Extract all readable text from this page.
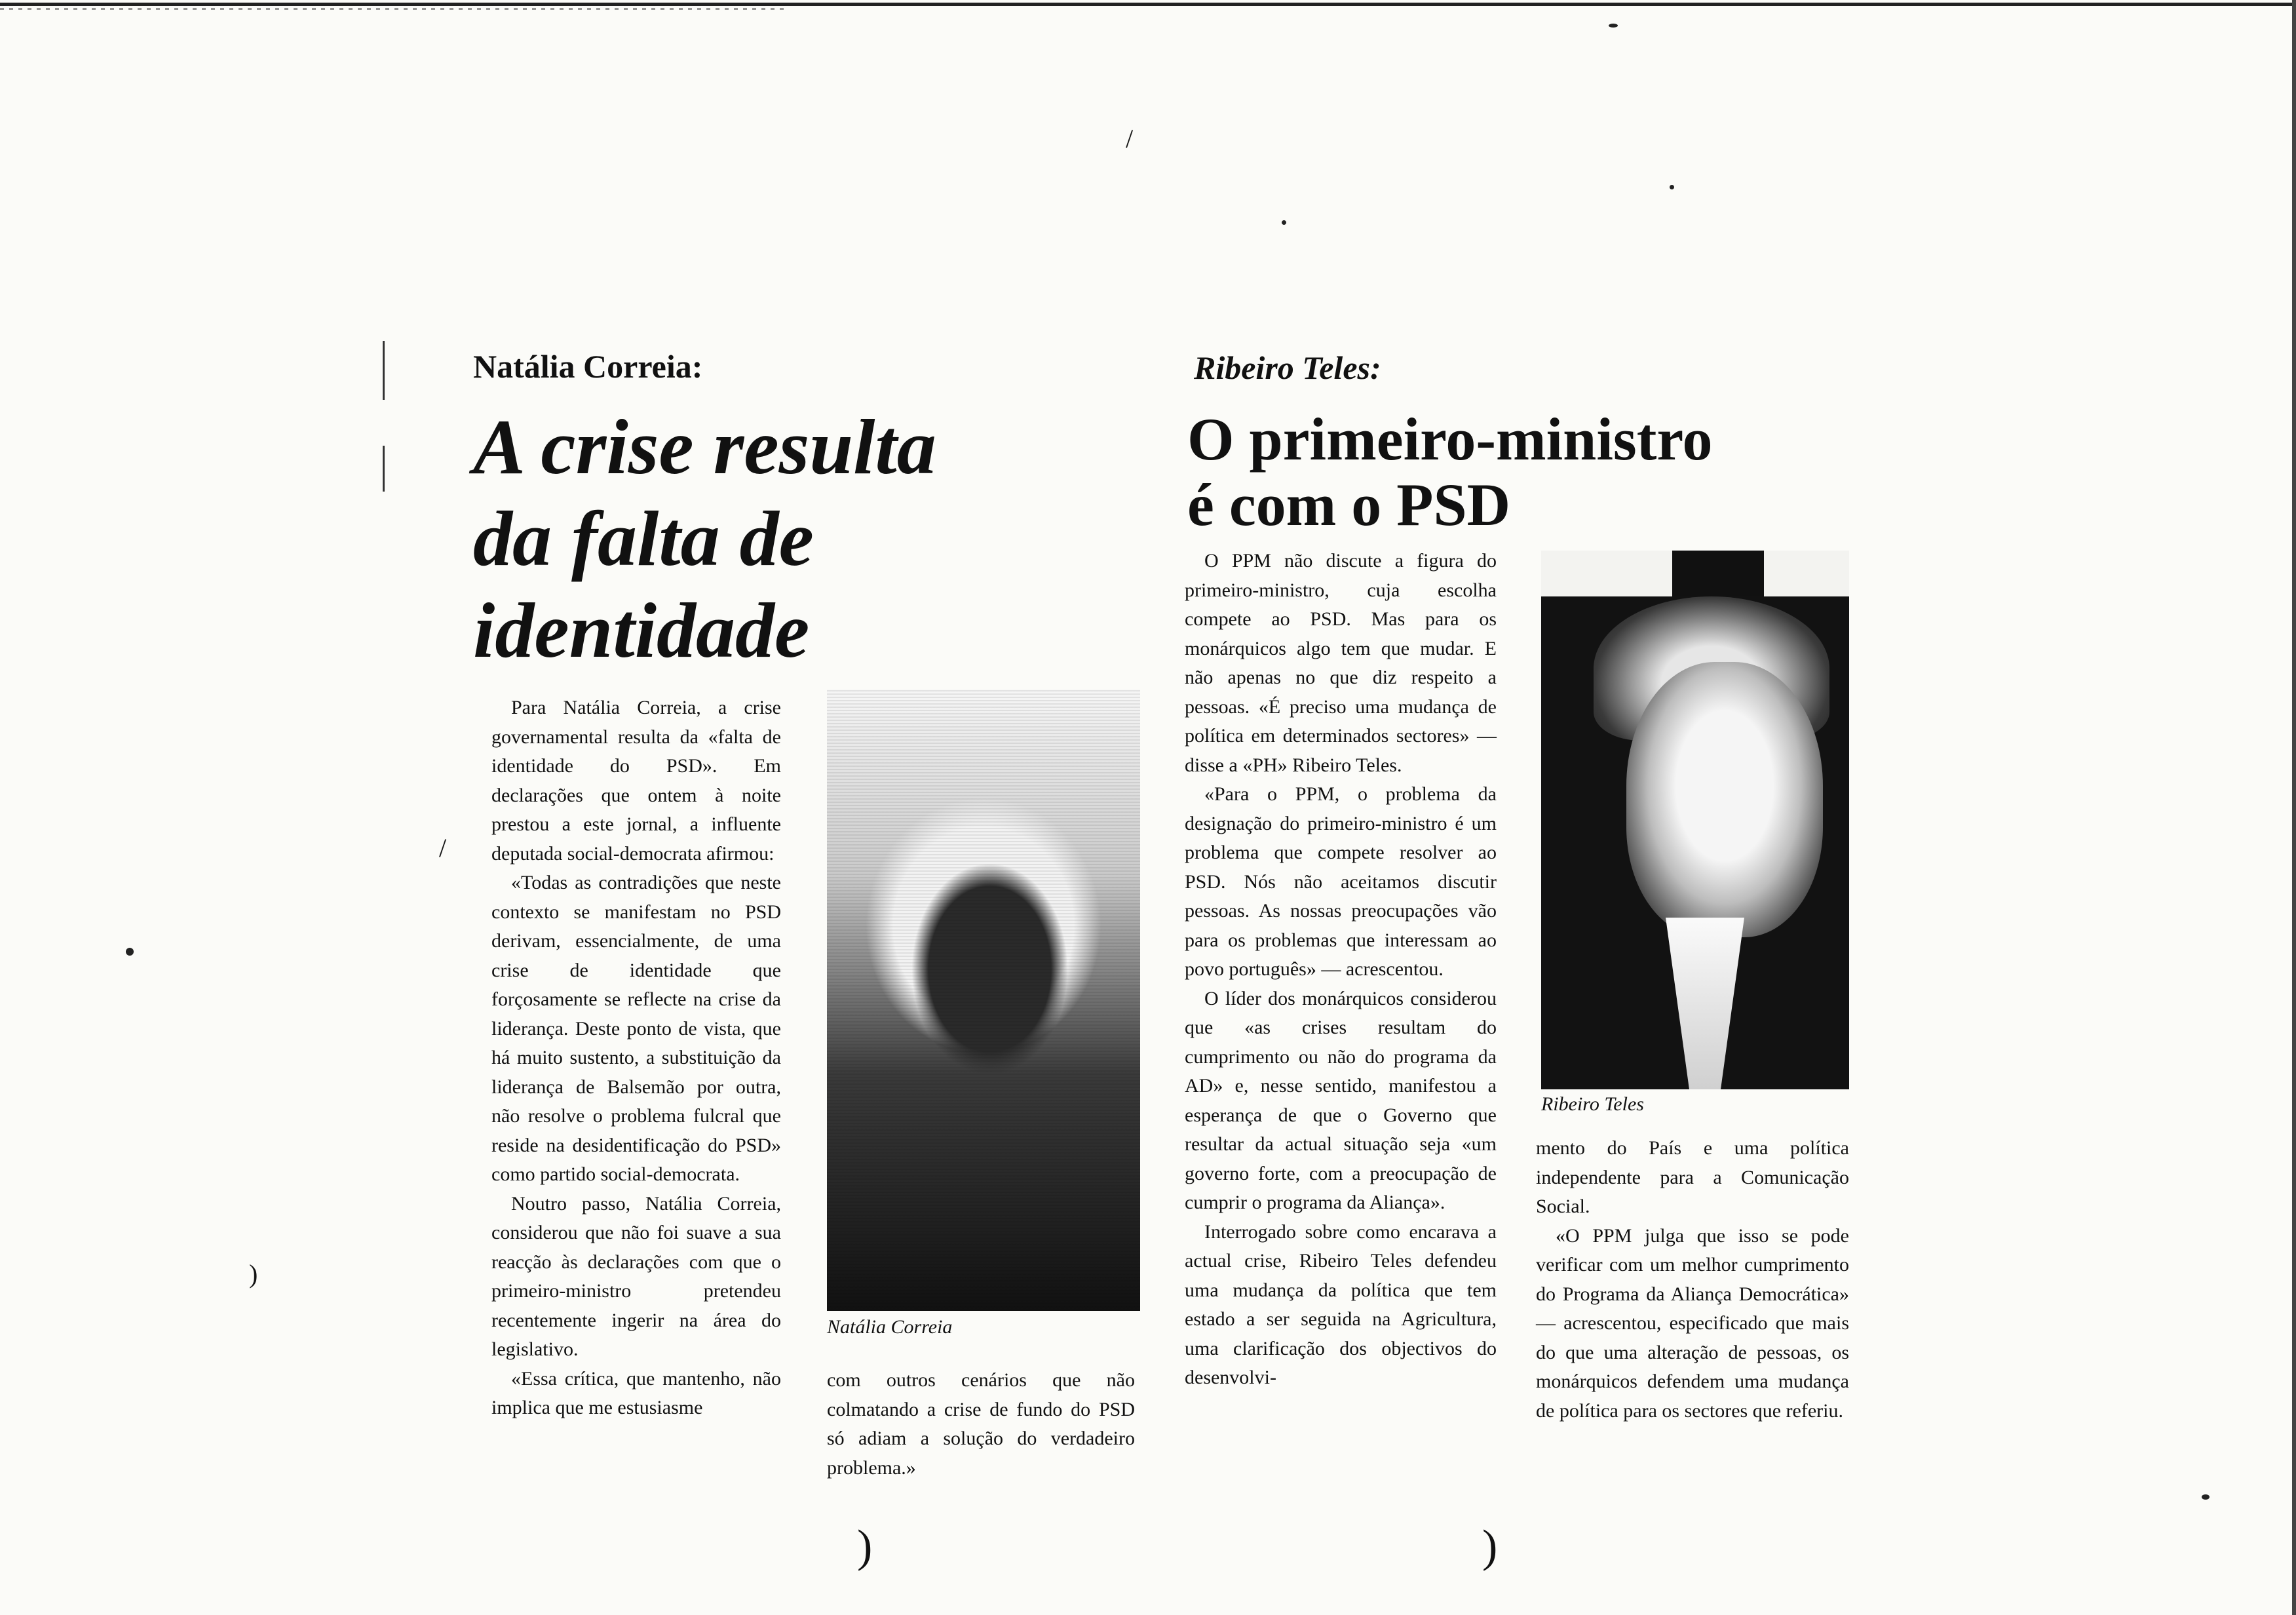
/
/
)
Natália Correia:
A crise resulta
da falta de
identidade

Para Natália Correia, a crise governamental resulta da «falta de identidade do PSD». Em declarações que ontem à noite prestou a este jornal, a influente deputada social-democrata afirmou:

«Todas as contradições que neste contexto se manifestam no PSD derivam, essencialmente, de uma crise de identidade que forçosamente se reflecte na crise da liderança. Deste ponto de vista, que há muito sustento, a substituição da liderança de Balsemão por outra, não resolve o problema fulcral que reside na desidentificação do PSD» como partido social-democrata.

Noutro passo, Natália Correia, considerou que não foi suave a sua reacção às declarações com que o primeiro-ministro pretendeu recentemente ingerir na área do legislativo.

«Essa crítica, que mantenho, não implica que me estusiasme

Natália Correia

com outros cenários que não colmatando a crise de fundo do PSD só adiam a solução do verdadeiro problema.»

Ribeiro Teles:
O primeiro-ministro
é com o PSD

O PPM não discute a figura do primeiro-ministro, cuja escolha compete ao PSD. Mas para os monárquicos algo tem que mudar. E não apenas no que diz respeito a pessoas. «É preciso uma mudança de política em determinados sectores» — disse a «PH» Ribeiro Teles.

«Para o PPM, o problema da designação do primeiro-ministro é um problema que compete resolver ao PSD. Nós não aceitamos discutir pessoas. As nossas preocupações vão para os problemas que interessam ao povo português» — acrescentou.

O líder dos monárquicos considerou que «as crises resultam do cumprimento ou não do programa da AD» e, nesse sentido, manifestou a esperança de que o Governo que resultar da actual situação seja «um governo forte, com a preocupação de cumprir o programa da Aliança».

Interrogado sobre como encarava a actual crise, Ribeiro Teles defendeu uma mudança da política que tem estado a ser seguida na Agricultura, uma clarificação dos objectivos do desenvolvi-

Ribeiro Teles

mento do País e uma política independente para a Comunicação Social.

«O PPM julga que isso se pode verificar com um melhor cumprimento do Programa da Aliança Democrática» — acrescentou, especificado que mais do que uma alteração de pessoas, os monárquicos defendem uma mudança de política para os sectores que referiu.

)	)
